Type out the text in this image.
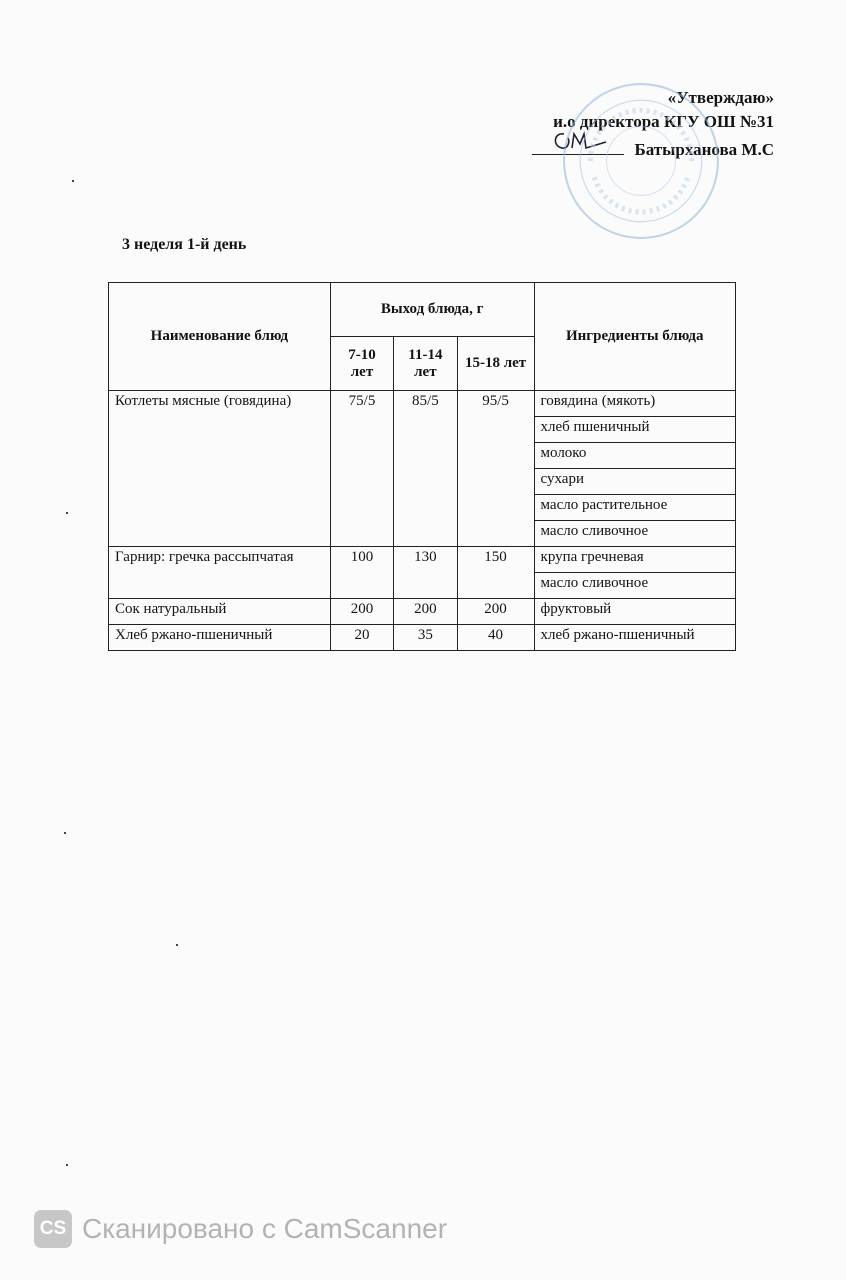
«Утверждаю»
и.о директора КГУ ОШ №31
Батырханова М.С
3 неделя 1-й день
Наименование блюд	Выход блюда, г			Ингредиенты блюда
	7-10 лет	11-14 лет	15-18 лет	
Котлеты мясные (говядина)	75/5	85/5	95/5	говядина (мякоть)
				хлеб пшеничный
				молоко
				сухари
				масло растительное
				масло сливочное
Гарнир: гречка рассыпчатая	100	130	150	крупа гречневая
				масло сливочное
Сок натуральный	200	200	200	фруктовый
Хлеб ржано-пшеничный	20	35	40	хлеб ржано-пшеничный
CS Сканировано с CamScanner
